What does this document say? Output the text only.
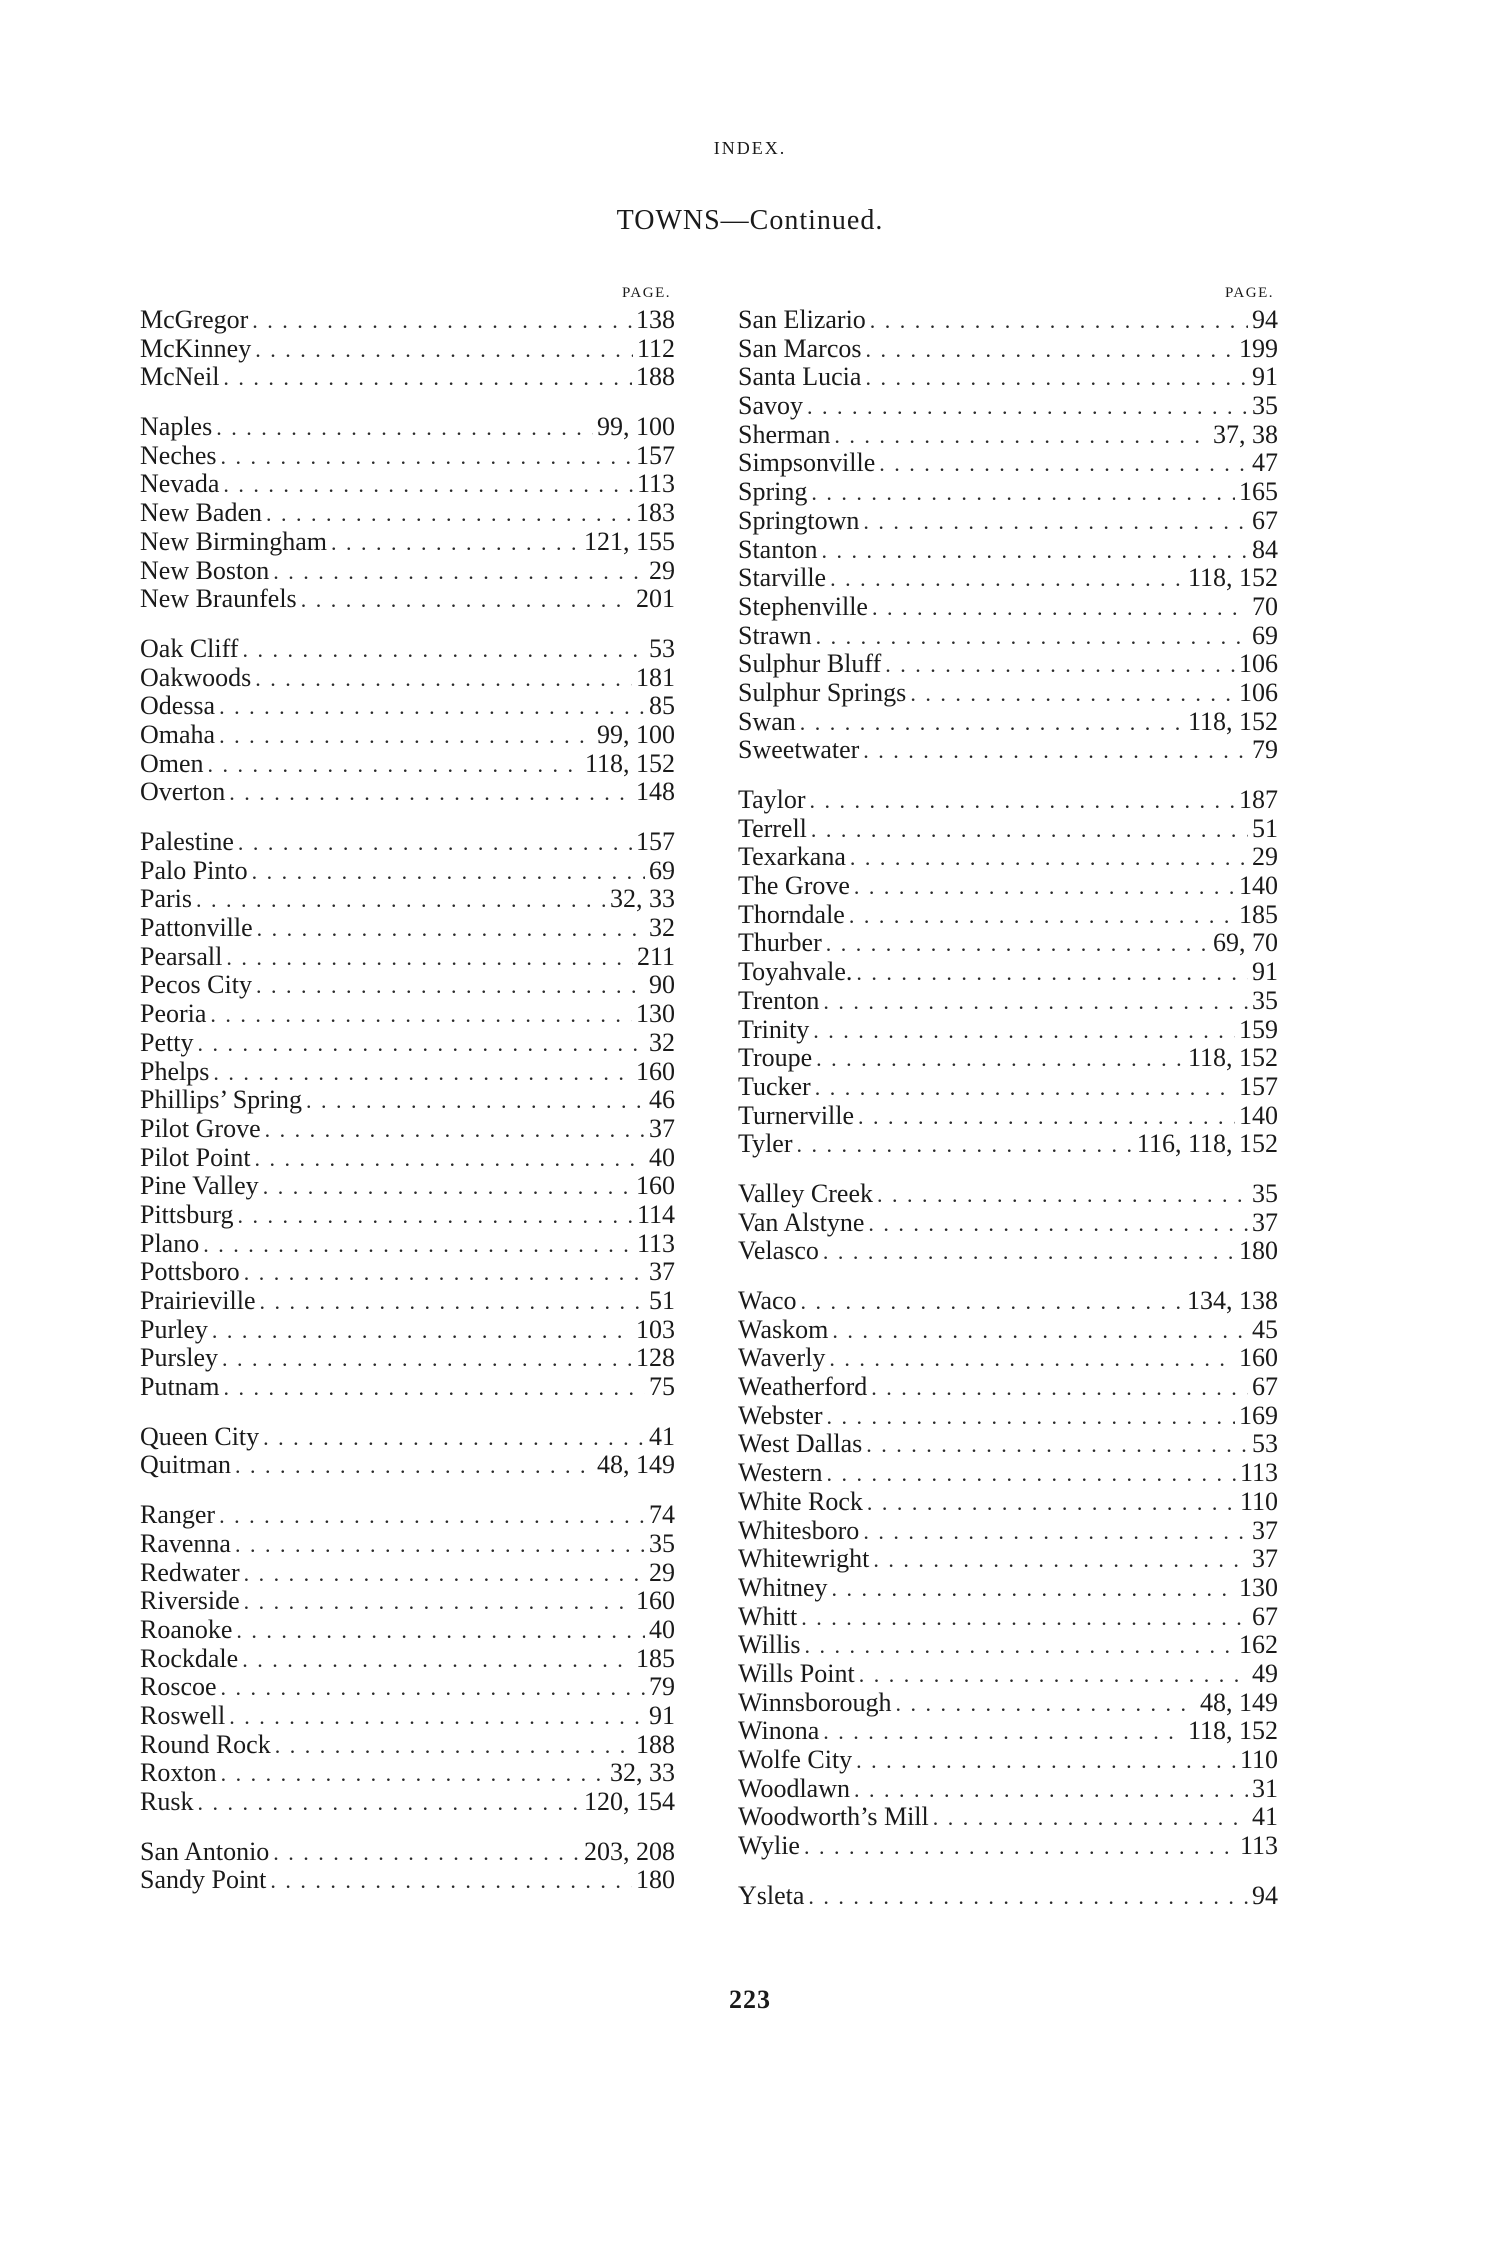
INDEX.
TOWNS—Continued.
PAGE.
McGregor . . .	138
McKinney . . .	112
McNeil . . .	188
Naples . . .	99, 100
Neches . . .	157
Nevada . . .	113
New Baden . . .	183
New Birmingham . . .	121, 155
New Boston . . .	29
New Braunfels . . .	201
Oak Cliff . . .	53
Oakwoods . . .	181
Odessa . . .	85
Omaha . . .	99, 100
Omen . . .	118, 152
Overton . . .	148
Palestine . . .	157
Palo Pinto . . .	69
Paris . . .	32, 33
Pattonville . . .	32
Pearsall . . .	211
Pecos City . . .	90
Peoria . . .	130
Petty . . .	32
Phelps . . .	160
Phillips’ Spring . . .	46
Pilot Grove . . .	37
Pilot Point . . .	40
Pine Valley . . .	160
Pittsburg . . .	114
Plano . . .	113
Pottsboro . . .	37
Prairieville . . .	51
Purley . . .	103
Pursley . . .	128
Putnam . . .	75
Queen City . . .	41
Quitman . . .	48, 149
Ranger . . .	74
Ravenna . . .	35
Redwater . . .	29
Riverside . . .	160
Roanoke . . .	40
Rockdale . . .	185
Roscoe . . .	79
Roswell . . .	91
Round Rock . . .	188
Roxton . . .	32, 33
Rusk . . .	120, 154
San Antonio . . .	203, 208
Sandy Point . . .	180
PAGE.
San Elizario . . .	94
San Marcos . . .	199
Santa Lucia . . .	91
Savoy . . .	35
Sherman . . .	37, 38
Simpsonville . . .	47
Spring . . .	165
Springtown . . .	67
Stanton . . .	84
Starville . . .	118, 152
Stephenville . . .	70
Strawn . . .	69
Sulphur Bluff . . .	106
Sulphur Springs . . .	106
Swan . . .	118, 152
Sweetwater . . .	79
Taylor . . .	187
Terrell . . .	51
Texarkana . . .	29
The Grove . . .	140
Thorndale . . .	185
Thurber . . .	69, 70
Toyahvale. . . .	91
Trenton . . .	35
Trinity . . .	159
Troupe . . .	118, 152
Tucker . . .	157
Turnerville . . .	140
Tyler . . .	116, 118, 152
Valley Creek . . .	35
Van Alstyne . . .	37
Velasco . . .	180
Waco . . .	134, 138
Waskom . . .	45
Waverly . . .	160
Weatherford . . .	67
Webster . . .	169
West Dallas . . .	53
Western . . .	113
White Rock . . .	110
Whitesboro . . .	37
Whitewright . . .	37
Whitney . . .	130
Whitt . . .	67
Willis . . .	162
Wills Point . . .	49
Winnsborough . . .	48, 149
Winona . . .	118, 152
Wolfe City . . .	110
Woodlawn . . .	31
Woodworth’s Mill . . .	41
Wylie . . .	113
Ysleta . . .	94
223
